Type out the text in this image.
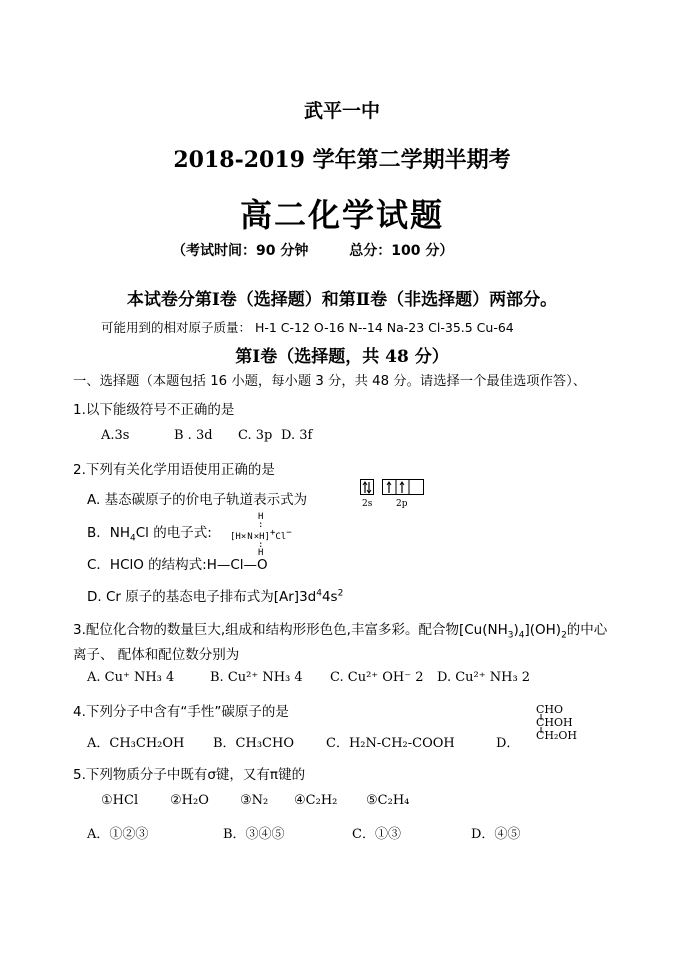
武平一中
2018-2019 学年第二学期半期考
高二化学试题
（考试时间：90 分钟	总分：100 分）
本试卷分第Ⅰ卷（选择题）和第Ⅱ卷（非选择题）两部分。
可能用到的相对原子质量： H-1 C-12 O-16 N--14 Na-23 Cl-35.5 Cu-64
第Ⅰ卷（选择题，共 48 分）
一、选择题（本题包括 16 小题，每小题 3 分，共 48 分。请选择一个最佳选项作答）、
1.以下能级符号不正确的是
A.3s	B . 3d C. 3p D. 3f
2.下列有关化学用语使用正确的是
A. 基态碳原子的价电子轨道表示式为	2s	2p
B．$NH_4Cl$ 的电子式:
H
:
[H×N×H]+Cl−
:
H
C．HClO 的结构式:H—Cl—O
D. Cr 原子的基态电子排布式为$[Ar]3d^44s^2$
3.配位化合物的数量巨大,组成和结构形形色色,丰富多彩。配合物$[Cu(NH_3)_4](OH)_2$的中心
离子、 配体和配位数分别为
A. Cu⁺ NH₃ 4	B. Cu²⁺ NH₃ 4 C. Cu²⁺ OH⁻ 2 D. Cu²⁺ NH₃ 2
4.下列分子中含有“手性”碳原子的是
A．CH₃CH₂OH B．CH₃CHO C．H₂N-CH₂-COOH	D．
CHO
CHOH
CH₂OH
5.下列物质分子中既有σ键，又有π键的
①HCl ②H₂O ③N₂ ④C₂H₂ ⑤C₂H₄
A．①②③	B．③④⑤	C．①③	D．④⑤
